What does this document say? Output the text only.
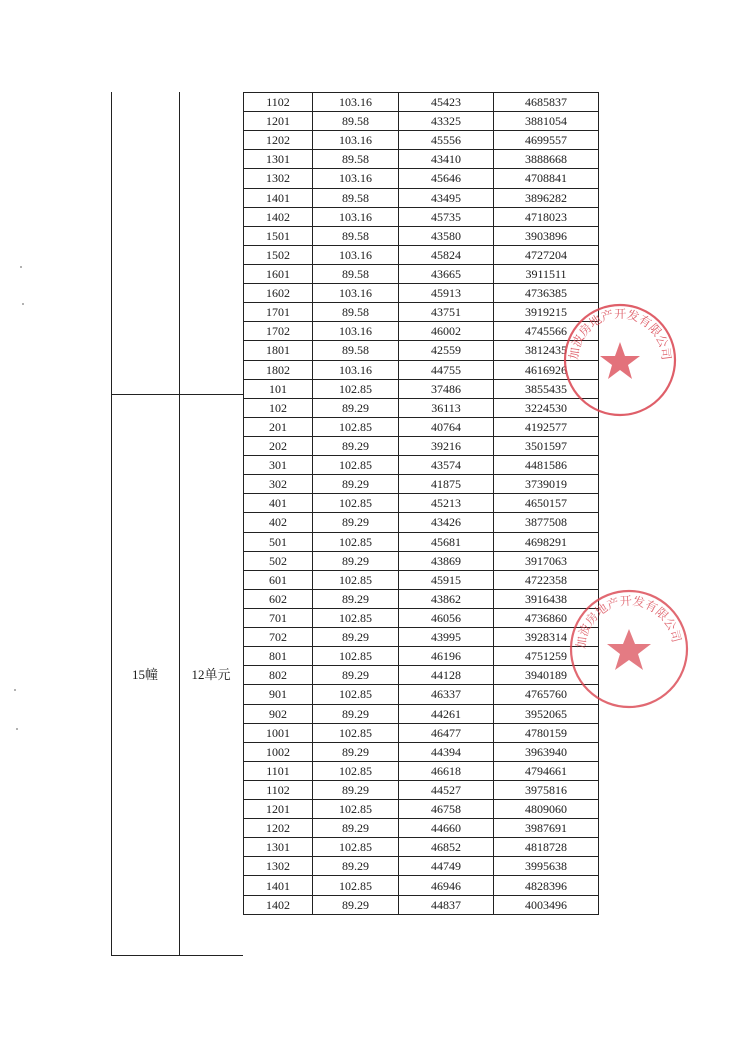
15幢	12单元
1102	103.16	45423	4685837
1201	89.58	43325	3881054
1202	103.16	45556	4699557
1301	89.58	43410	3888668
1302	103.16	45646	4708841
1401	89.58	43495	3896282
1402	103.16	45735	4718023
1501	89.58	43580	3903896
1502	103.16	45824	4727204
1601	89.58	43665	3911511
1602	103.16	45913	4736385
1701	89.58	43751	3919215
1702	103.16	46002	4745566
1801	89.58	42559	3812435
1802	103.16	44755	4616926
101	102.85	37486	3855435
102	89.29	36113	3224530
201	102.85	40764	4192577
202	89.29	39216	3501597
301	102.85	43574	4481586
302	89.29	41875	3739019
401	102.85	45213	4650157
402	89.29	43426	3877508
501	102.85	45681	4698291
502	89.29	43869	3917063
601	102.85	45915	4722358
602	89.29	43862	3916438
701	102.85	46056	4736860
702	89.29	43995	3928314
801	102.85	46196	4751259
802	89.29	44128	3940189
901	102.85	46337	4765760
902	89.29	44261	3952065
1001	102.85	46477	4780159
1002	89.29	44394	3963940
1101	102.85	46618	4794661
1102	89.29	44527	3975816
1201	102.85	46758	4809060
1202	89.29	44660	3987691
1301	102.85	46852	4818728
1302	89.29	44749	3995638
1401	102.85	46946	4828396
1402	89.29	44837	4003496
加波房地产开发有限公司
加波房地产开发有限公司
